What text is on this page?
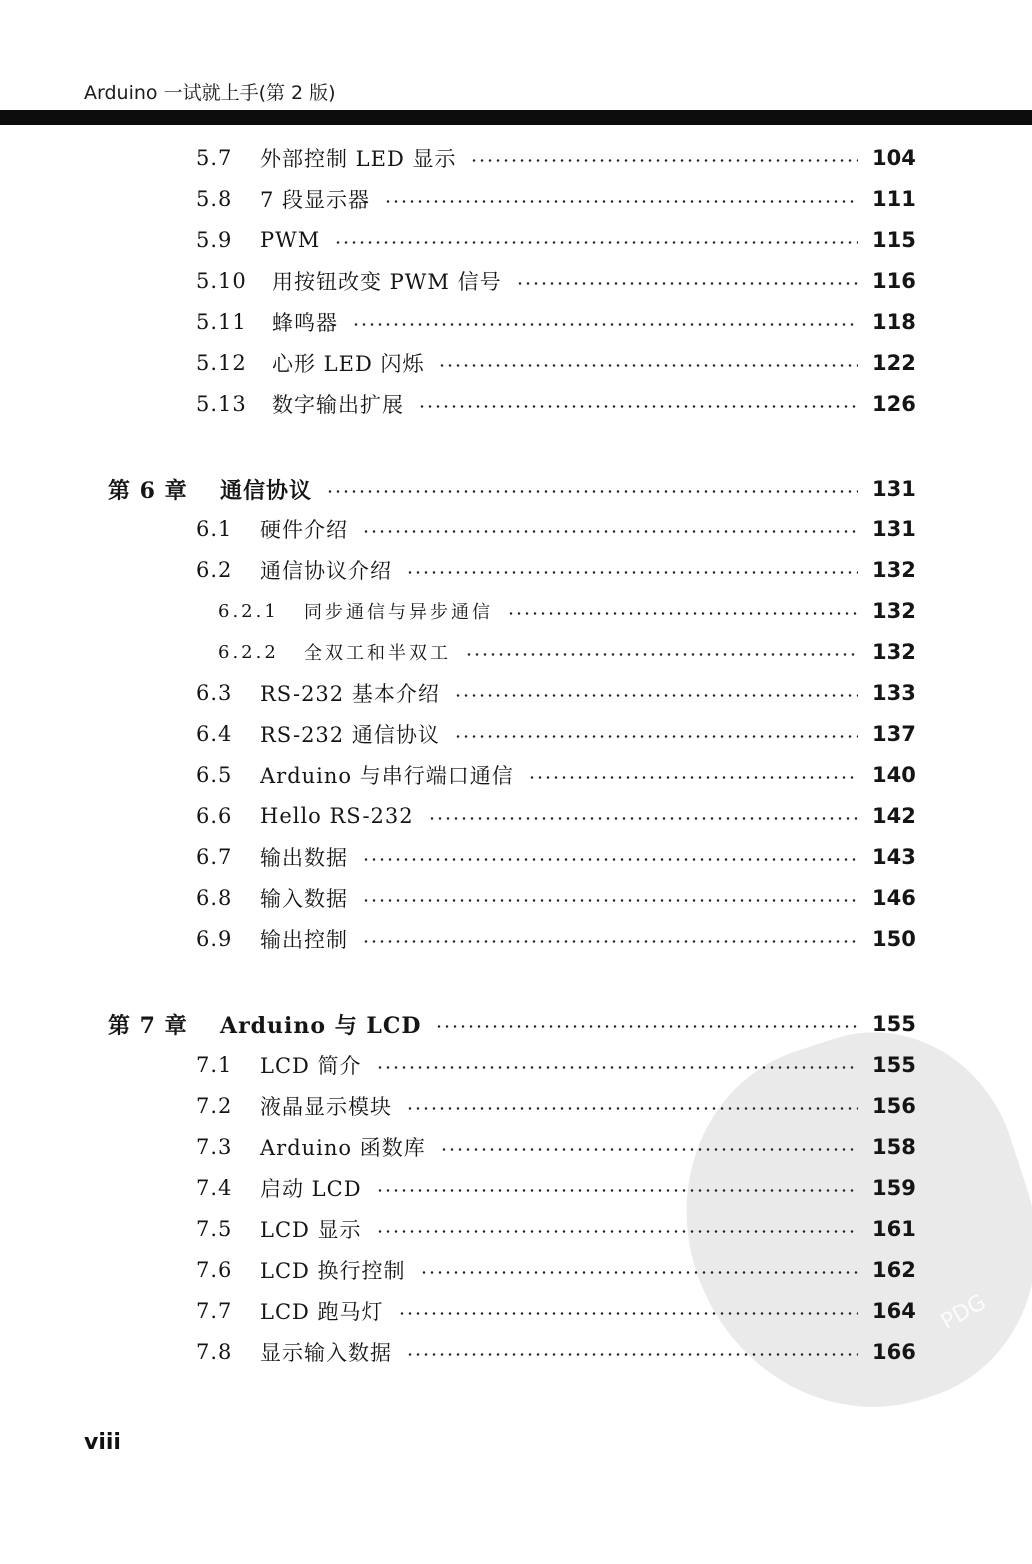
Arduino 一试就上手(第 2 版)
PDG
5.7 外部控制 LED 显示	104
5.8 7 段显示器	111
5.9 PWM	115
5.10 用按钮改变 PWM 信号	116
5.11 蜂鸣器	118
5.12 心形 LED 闪烁	122
5.13 数字输出扩展	126
第 6 章 通信协议	131
6.1 硬件介绍	131
6.2 通信协议介绍	132
6.2.1 同步通信与异步通信	132
6.2.2 全双工和半双工	132
6.3 RS-232 基本介绍	133
6.4 RS-232 通信协议	137
6.5 Arduino 与串行端口通信	140
6.6 Hello RS-232	142
6.7 输出数据	143
6.8 输入数据	146
6.9 输出控制	150
第 7 章 Arduino 与 LCD	155
7.1 LCD 简介	155
7.2 液晶显示模块	156
7.3 Arduino 函数库	158
7.4 启动 LCD	159
7.5 LCD 显示	161
7.6 LCD 换行控制	162
7.7 LCD 跑马灯	164
7.8 显示输入数据	166
viii
